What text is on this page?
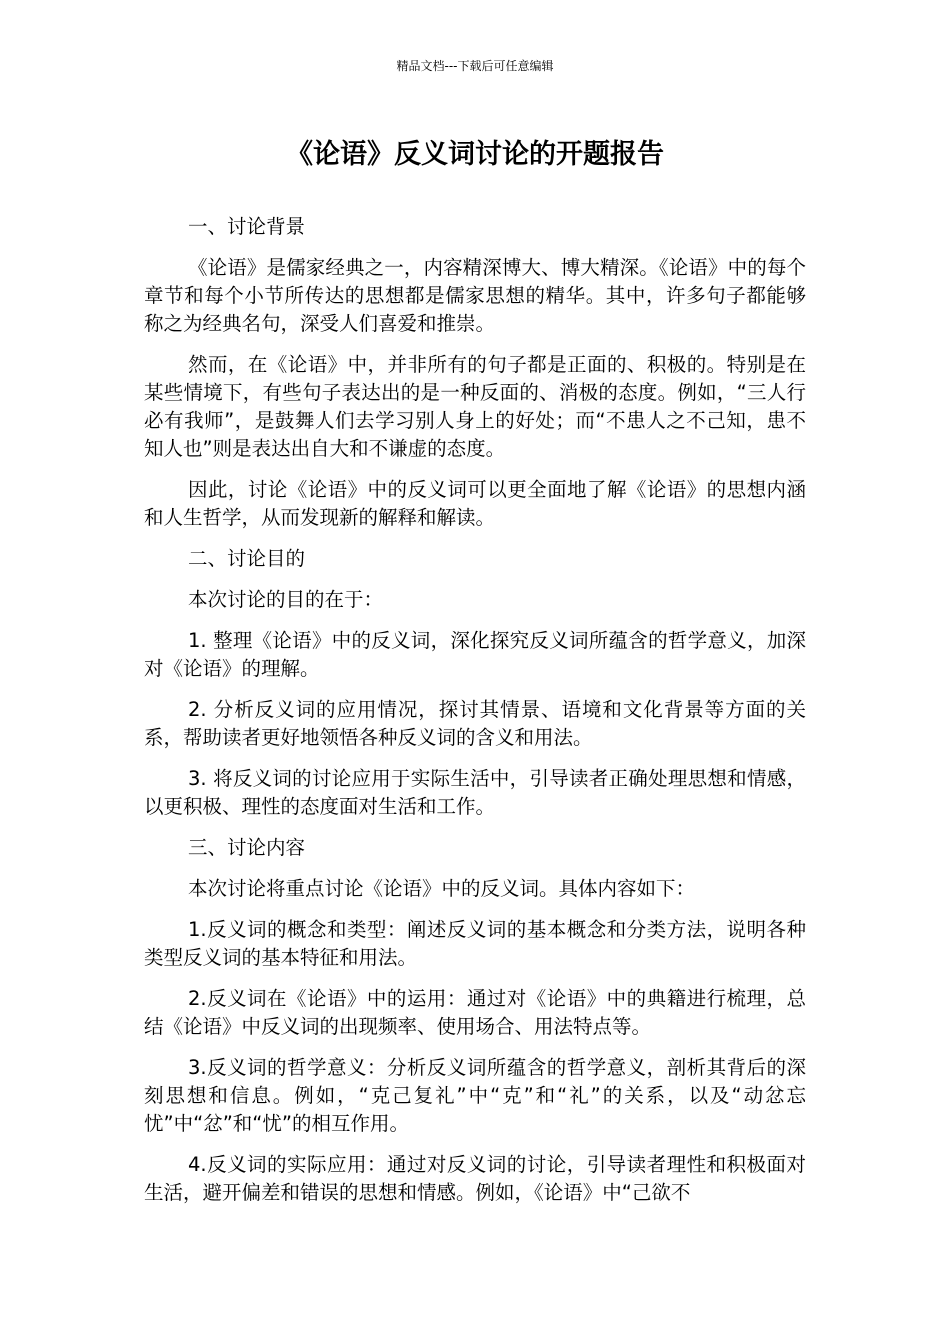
精品文档---下载后可任意编辑
《论语》反义词讨论的开题报告

一、讨论背景

《论语》是儒家经典之一，内容精深博大、博大精深。《论语》中的每个章节和每个小节所传达的思想都是儒家思想的精华。其中，许多句子都能够称之为经典名句，深受人们喜爱和推崇。

然而，在《论语》中，并非所有的句子都是正面的、积极的。特别是在某些情境下，有些句子表达出的是一种反面的、消极的态度。例如，“三人行必有我师”，是鼓舞人们去学习别人身上的好处；而“不患人之不己知，患不知人也”则是表达出自大和不谦虚的态度。

因此，讨论《论语》中的反义词可以更全面地了解《论语》的思想内涵和人生哲学，从而发现新的解释和解读。

二、讨论目的

本次讨论的目的在于：

1. 整理《论语》中的反义词，深化探究反义词所蕴含的哲学意义，加深对《论语》的理解。

2. 分析反义词的应用情况，探讨其情景、语境和文化背景等方面的关系，帮助读者更好地领悟各种反义词的含义和用法。

3. 将反义词的讨论应用于实际生活中，引导读者正确处理思想和情感，以更积极、理性的态度面对生活和工作。

三、讨论内容

本次讨论将重点讨论《论语》中的反义词。具体内容如下：

1.反义词的概念和类型：阐述反义词的基本概念和分类方法，说明各种类型反义词的基本特征和用法。

2.反义词在《论语》中的运用：通过对《论语》中的典籍进行梳理，总结《论语》中反义词的出现频率、使用场合、用法特点等。

3.反义词的哲学意义：分析反义词所蕴含的哲学意义，剖析其背后的深刻思想和信息。例如，“克己复礼”中“克”和“礼”的关系，以及“动忿忘忧”中“忿”和“忧”的相互作用。

4.反义词的实际应用：通过对反义词的讨论，引导读者理性和积极面对生活，避开偏差和错误的思想和情感。例如，《论语》中“己欲不
